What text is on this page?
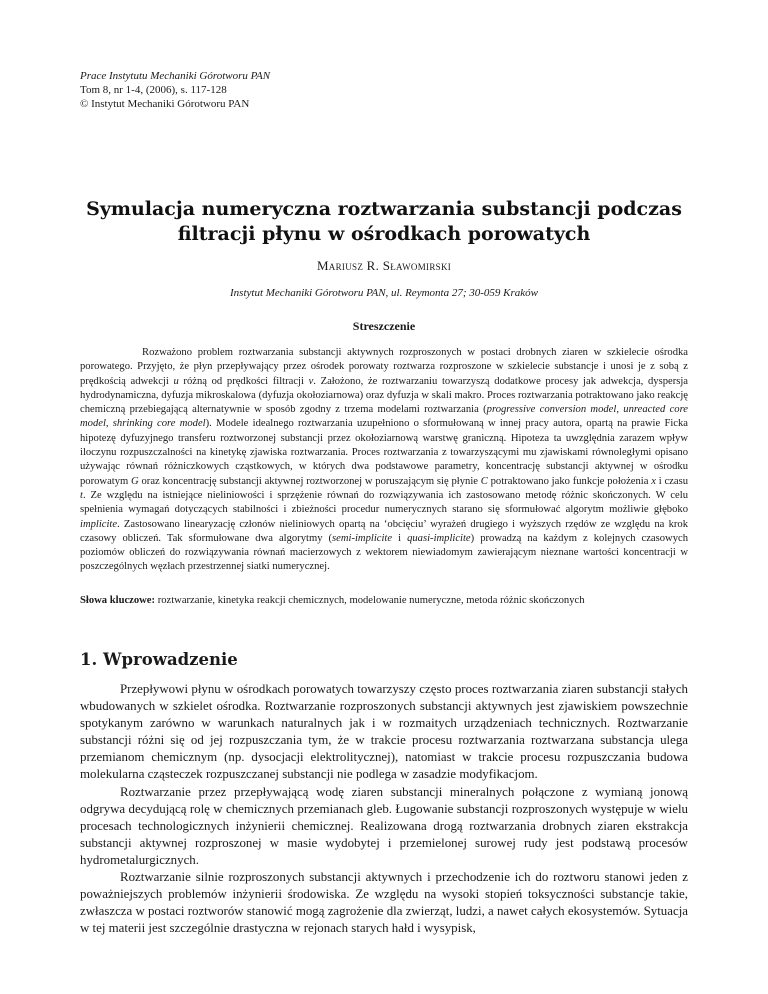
Prace Instytutu Mechaniki Górotworu PAN
Tom 8, nr 1-4, (2006), s. 117-128
© Instytut Mechaniki Górotworu PAN
Symulacja numeryczna roztwarzania substancji podczas
filtracji płynu w ośrodkach porowatych
Mariusz R. Sławomirski
Instytut Mechaniki Górotworu PAN, ul. Reymonta 27; 30-059 Kraków
Streszczenie

Rozważono problem roztwarzania substancji aktywnych rozproszonych w postaci drobnych ziaren w szkielecie ośrodka porowatego. Przyjęto, że płyn przepływający przez ośrodek porowaty roztwarza rozproszone w szkielecie substancje i unosi je z sobą z prędkością adwekcji u różną od prędkości filtracji v. Założono, że roztwarzaniu towarzyszą dodatkowe procesy jak adwekcja, dyspersja hydrodynamiczna, dyfuzja mikroskalowa (dyfuzja okołoziarnowa) oraz dyfuzja w skali makro. Proces roztwarzania potraktowano jako reakcję chemiczną przebiegającą alternatywnie w sposób zgodny z trzema modelami roztwarzania (progressive conversion model, unreacted core model, shrinking core model). Modele idealnego roztwarzania uzupełniono o sformułowaną w innej pracy autora, opartą na prawie Ficka hipotezę dyfuzyjnego transferu roztworzonej substancji przez okołoziarnową warstwę graniczną. Hipoteza ta uwzględnia zarazem wpływ iloczynu rozpuszczalności na kinetykę zjawiska roztwarzania. Proces roztwarzania z towarzyszącymi mu zjawiskami równoległymi opisano używając równań różniczkowych cząstkowych, w których dwa podstawowe parametry, koncentrację substancji aktywnej w ośrodku porowatym G oraz koncentrację substancji aktywnej roztworzonej w poruszającym się płynie C potraktowano jako funkcje położenia x i czasu t. Ze względu na istniejące nieliniowości i sprzężenie równań do rozwiązywania ich zastosowano metodę różnic skończonych. W celu spełnienia wymagań dotyczących stabilności i zbieżności procedur numerycznych starano się sformułować algorytm możliwie głęboko implicite. Zastosowano linearyzację członów nieliniowych opartą na ‘obcięciu’ wyrażeń drugiego i wyższych rzędów ze względu na krok czasowy obliczeń. Tak sformułowane dwa algorytmy (semi-implicite i quasi-implicite) prowadzą na każdym z kolejnych czasowych poziomów obliczeń do rozwiązywania równań macierzowych z wektorem niewiadomym zawierającym nieznane wartości koncentracji w poszczególnych węzłach przestrzennej siatki numerycznej.

Słowa kluczowe: roztwarzanie, kinetyka reakcji chemicznych, modelowanie numeryczne, metoda różnic skończonych
1. Wprowadzenie

Przepływowi płynu w ośrodkach porowatych towarzyszy często proces roztwarzania ziaren substancji stałych wbudowanych w szkielet ośrodka. Roztwarzanie rozproszonych substancji aktywnych jest zjawiskiem powszechnie spotykanym zarówno w warunkach naturalnych jak i w rozmaitych urządzeniach technicznych. Roztwarzanie substancji różni się od jej rozpuszczania tym, że w trakcie procesu roztwarzania roztwarzana substancja ulega przemianom chemicznym (np. dysocjacji elektrolitycznej), natomiast w trakcie procesu rozpuszczania budowa molekularna cząsteczek rozpuszczanej substancji nie podlega w zasadzie modyfikacjom.

Roztwarzanie przez przepływającą wodę ziaren substancji mineralnych połączone z wymianą jonową odgrywa decydującą rolę w chemicznych przemianach gleb. Ługowanie substancji rozproszonych występuje w wielu procesach technologicznych inżynierii chemicznej. Realizowana drogą roztwarzania drobnych ziaren ekstrakcja substancji aktywnej rozproszonej w masie wydobytej i przemielonej surowej rudy jest podstawą procesów hydrometalurgicznych.

Roztwarzanie silnie rozproszonych substancji aktywnych i przechodzenie ich do roztworu stanowi jeden z poważniejszych problemów inżynierii środowiska. Ze względu na wysoki stopień toksyczności substancje takie, zwłaszcza w postaci roztworów stanowić mogą zagrożenie dla zwierząt, ludzi, a nawet całych ekosystemów. Sytuacja w tej materii jest szczególnie drastyczna w rejonach starych hałd i wysypisk,
